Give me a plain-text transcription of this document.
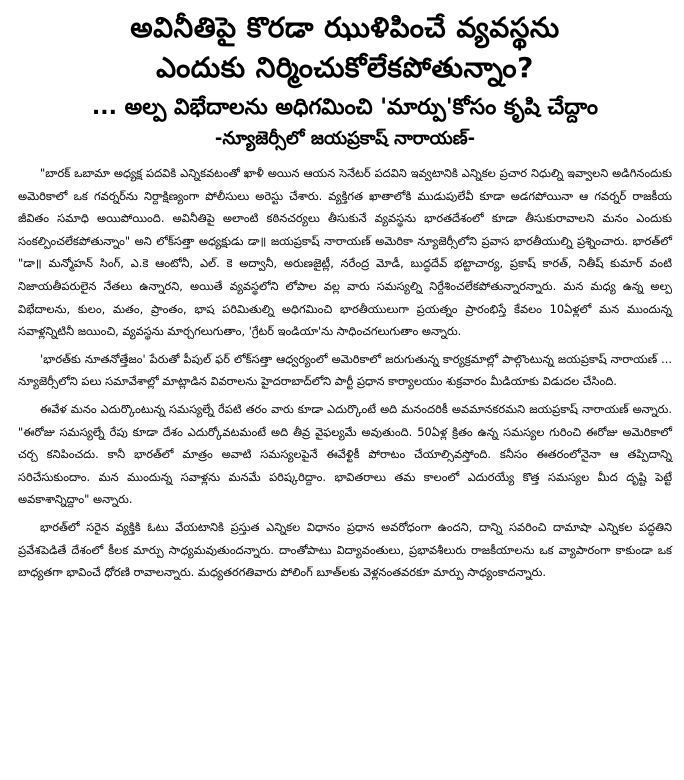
అవినీతిపై కొరడా ఝుళిపించే వ్యవస్థను
ఎందుకు నిర్మించుకోలేకపోతున్నాం?
... అల్ప విభేదాలను అధిగమించి 'మార్పు'కోసం కృషి చేద్దాం
-న్యూజెర్సీలో జయప్రకాష్ నారాయణ్-

"బారక్ ఒబామా అధ్యక్ష పదవికి ఎన్నికవటంతో ఖాళీ అయిన ఆయన సెనేటర్ పదవిని ఇవ్వటానికి ఎన్నికల ప్రచార నిధుల్ని ఇవ్వాలని అడిగినందుకు అమెరికాలో ఒక గవర్నర్‌ను నిర్దాక్షిణ్యంగా పోలీసులు అరెస్టు చేశారు. వ్యక్తిగత ఖాతాలోకి ముడుపులేవీ కూడా అడగపోయినా ఆ గవర్నర్ రాజకీయ జీవితం సమాధి అయిపోయింది. అవినీతిపై అలాంటి కఠినచర్యలు తీసుకునే వ్యవస్థను భారతదేశంలో కూడా తీసుకురావాలని మనం ఎందుకు సంకల్పించలేకపోతున్నాం" అని లోక్‌సత్తా అధ్యక్షుడు డా॥ జయప్రకాష్ నారాయణ్ అమెరికా న్యూజెర్సీలోని ప్రవాస భారతీయుల్ని ప్రశ్నించారు. భారత్‌లో "డా॥ మన్మోహన్ సింగ్, ఎ.కె ఆంటోనీ, ఎల్. కె అద్వానీ, అరుణజైట్లీ, నరేంద్ర మోడీ, బుద్ధదేవ్ భట్టాచార్య, ప్రకాష్ కారత్, నితీష్ కుమార్ వంటి నిజాయతీపరులైన నేతలు ఉన్నారని, అయితే వ్యవస్థలోని లోపాల వల్ల వారు సమస్యల్ని నిర్దేశించలేకపోతున్నారన్నారు. మన మధ్య ఉన్న అల్ప విభేదాలను, కులం, మతం, ప్రాంతం, భాష పరిమితుల్ని అధిగమించి భారతీయులుగా ప్రయత్నం ప్రారంభిస్తే కేవలం 10ఏళ్లలో మన ముందున్న సవాళ్లన్నిటినీ జయించి, వ్యవస్థను మార్చగలుగుతాం, 'గ్రేటర్ ఇండియా'ను సాధించగలుగుతాం అన్నారు.

'భారత్‌కు నూతనోత్తేజం' పేరుతో పీపుల్ ఫర్ లోక్‌సత్తా ఆధ్వర్యంలో అమెరికాలో జరుగుతున్న కార్యక్రమాల్లో పాల్గొంటున్న జయప్రకాష్ నారాయణ్ ... న్యూజెర్సీలోని పలు సమావేశాల్లో మాట్లాడిన వివరాలను హైదరాబాద్‌లోని పార్టీ ప్రధాన కార్యాలయం శుక్రవారం మీడియాకు విడుదల చేసింది.

ఈవేళ మనం ఎదుర్కొంటున్న సమస్యల్నే రేపటి తరం వారు కూడా ఎదుర్కొంటే అది మనందరికీ అవమానకరమని జయప్రకాష్ నారాయణ్ అన్నారు. "ఈరోజు సమస్యల్నే రేపు కూడా దేశం ఎదుర్కోవటమంటే అది తీవ్ర వైఫల్యమే అవుతుంది. 50ఏళ్ల క్రితం ఉన్న సమస్యల గురించి ఈరోజు అమెరికాలో చర్చ కనిపించదు. కానీ భారత్‌లో మాత్రం అవాటి సమస్యలపైనే ఈవేళ్టికీ పోరాటం చేయాల్సివస్తోంది. కనీసం ఈతరంలోనైనా ఆ తప్పిదాన్ని సరిచేసుకుందాం. మన ముందున్న సవాళ్లను మనమే పరిష్కరిద్దాం. భావితరాలు తమ కాలంలో ఎదురయ్యే కొత్త సమస్యల మీద దృష్టి పెట్టే అవకాశాన్నిద్దాం" అన్నారు.

భారత్‌లో సరైన వ్యక్తికి ఓటు వేయటానికి ప్రస్తుత ఎన్నికల విధానం ప్రధాన అవరోధంగా ఉందని, దాన్ని సవరించి దామాషా ఎన్నికల పద్ధతిని ప్రవేశపెడితే దేశంలో కీలక మార్పు సాధ్యమవుతుందన్నారు. దాంతోపాటు విద్యావంతులు, ప్రభావశీలురు రాజకీయాలను ఒక వ్యాపారంగా కాకుండా ఒక బాధ్యతగా భావించే ధోరణి రావాలన్నారు. మధ్యతరగతివారు పోలింగ్ బూత్‌లకు వెళ్లనంతవరకూ మార్పు సాధ్యంకాదన్నారు.
